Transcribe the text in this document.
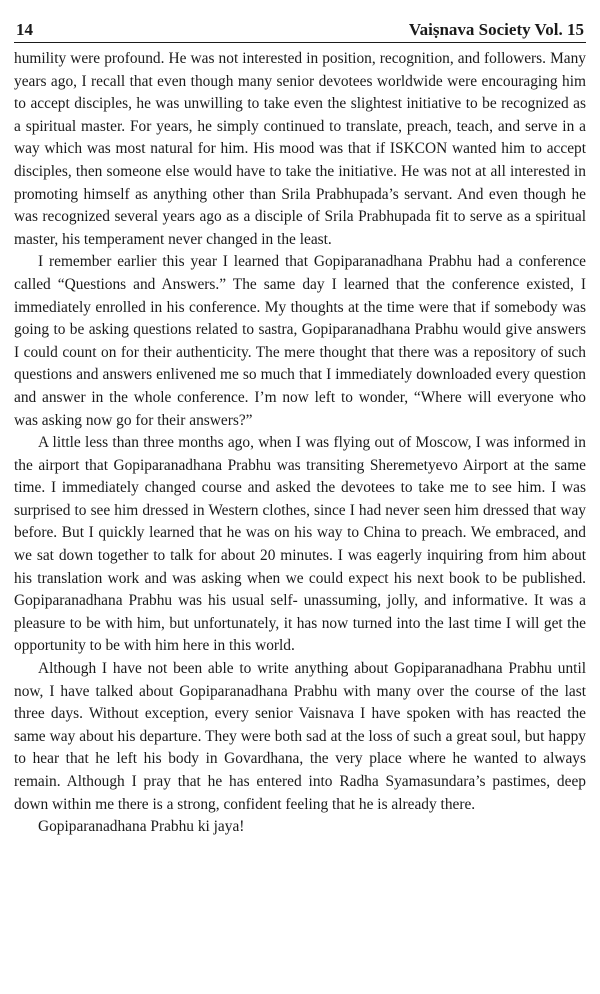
14	Vaiṣnava Society Vol. 15

humility were profound. He was not interested in position, recognition, and followers. Many years ago, I recall that even though many senior devotees worldwide were encouraging him to accept disciples, he was unwilling to take even the slightest initiative to be recognized as a spiritual master. For years, he simply continued to translate, preach, teach, and serve in a way which was most natural for him. His mood was that if ISKCON wanted him to accept disciples, then someone else would have to take the initiative. He was not at all interested in promoting himself as anything other than Srila Prabhupada’s servant. And even though he was recognized several years ago as a disciple of Srila Prabhupada fit to serve as a spiritual master, his temperament never changed in the least.

I remember earlier this year I learned that Gopiparanadhana Prabhu had a conference called “Questions and Answers.” The same day I learned that the conference existed, I immediately enrolled in his conference. My thoughts at the time were that if somebody was going to be asking questions related to sastra, Gopiparanadhana Prabhu would give answers I could count on for their authenticity. The mere thought that there was a repository of such questions and answers enlivened me so much that I immediately downloaded every question and answer in the whole conference. I’m now left to wonder, “Where will everyone who was asking now go for their answers?”

A little less than three months ago, when I was flying out of Moscow, I was informed in the airport that Gopiparanadhana Prabhu was transiting Sheremetyevo Airport at the same time. I immediately changed course and asked the devotees to take me to see him. I was surprised to see him dressed in Western clothes, since I had never seen him dressed that way before. But I quickly learned that he was on his way to China to preach. We embraced, and we sat down together to talk for about 20 minutes. I was eagerly inquiring from him about his translation work and was asking when we could expect his next book to be published. Gopiparanadhana Prabhu was his usual self- unassuming, jolly, and informative. It was a pleasure to be with him, but unfortunately, it has now turned into the last time I will get the opportunity to be with him here in this world.

Although I have not been able to write anything about Gopiparanadhana Prabhu until now, I have talked about Gopiparanadhana Prabhu with many over the course of the last three days. Without exception, every senior Vaisnava I have spoken with has reacted the same way about his departure. They were both sad at the loss of such a great soul, but happy to hear that he left his body in Govardhana, the very place where he wanted to always remain. Although I pray that he has entered into Radha Syamasundara’s pastimes, deep down within me there is a strong, confident feeling that he is already there.

Gopiparanadhana Prabhu ki jaya!
